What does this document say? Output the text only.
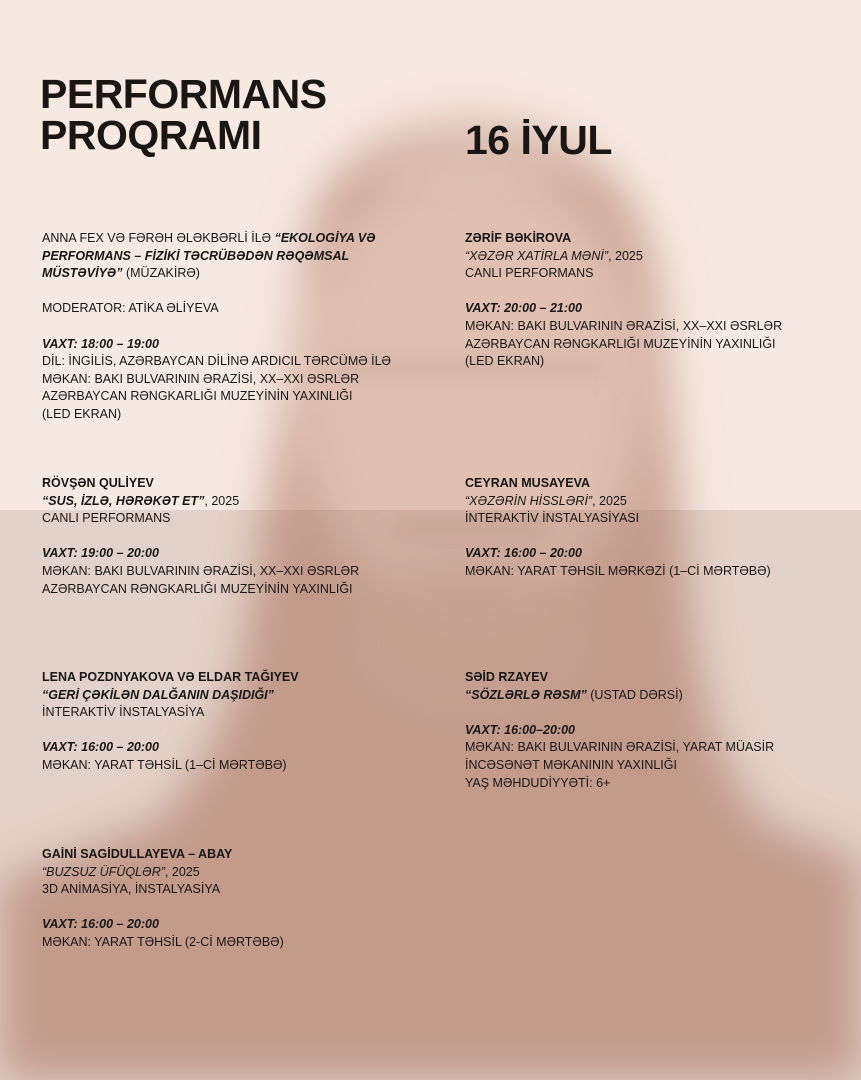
PERFORMANS
PROQRAMI	16 İYUL

ANNA FEX VƏ FƏRƏH ƏLƏKBƏRLİ İLƏ “EKOLOGİYA VƏ

PERFORMANS – FİZİKİ TƏCRÜBƏDƏN RƏQƏMSAL

MÜSTƏVİYƏ” (MÜZAKİRƏ)

MODERATOR: ATİKA ƏLİYEVA

VAXT: 18:00 – 19:00

DİL: İNGİLİS, AZƏRBAYCAN DİLİNƏ ARDICIL TƏRCÜMƏ İLƏ

MƏKAN: BAKI BULVARININ ƏRAZİSİ, XX–XXI ƏSRLƏR

AZƏRBAYCAN RƏNGKARLIĞI MUZEYİNİN YAXINLIĞI

(LED EKRAN)

ZƏRİF BƏKİROVA

“XƏZƏR XATİRLA MƏNİ”, 2025

CANLI PERFORMANS

VAXT: 20:00 – 21:00

MƏKAN: BAKI BULVARININ ƏRAZİSİ, XX–XXI ƏSRLƏR

AZƏRBAYCAN RƏNGKARLIĞI MUZEYİNİN YAXINLIĞI

(LED EKRAN)

RÖVŞƏN QULİYEV

“SUS, İZLƏ, HƏRƏKƏT ET”, 2025

CANLI PERFORMANS

VAXT: 19:00 – 20:00

MƏKAN: BAKI BULVARININ ƏRAZİSİ, XX–XXI ƏSRLƏR

AZƏRBAYCAN RƏNGKARLIĞI MUZEYİNİN YAXINLIĞI

CEYRAN MUSAYEVA

“XƏZƏRİN HİSSLƏRİ”, 2025

İNTERAKTİV İNSTALYASİYASI

VAXT: 16:00 – 20:00

MƏKAN: YARAT TƏHSİL MƏRKƏZİ (1–Cİ MƏRTƏBƏ)

LENA POZDNYAKOVA VƏ ELDAR TAĞIYEV

“GERİ ÇƏKİLƏN DALĞANIN DAŞIDIĞI”

İNTERAKTİV İNSTALYASİYA

VAXT: 16:00 – 20:00

MƏKAN: YARAT TƏHSİL (1–Cİ MƏRTƏBƏ)

SƏİD RZAYEV

“SÖZLƏRLƏ RƏSM” (USTAD DƏRSİ)

VAXT: 16:00–20:00

MƏKAN: BAKI BULVARININ ƏRAZİSİ, YARAT MÜASİR

İNCƏSƏNƏT MƏKANININ YAXINLIĞI

YAŞ MƏHDUDİYYƏTİ: 6+

GAİNİ SAGİDULLAYEVA – ABAY

“BUZSUZ ÜFÜQLƏR”, 2025

3D ANİMASİYA, İNSTALYASİYA

VAXT: 16:00 – 20:00

MƏKAN: YARAT TƏHSİL (2-Cİ MƏRTƏBƏ)
